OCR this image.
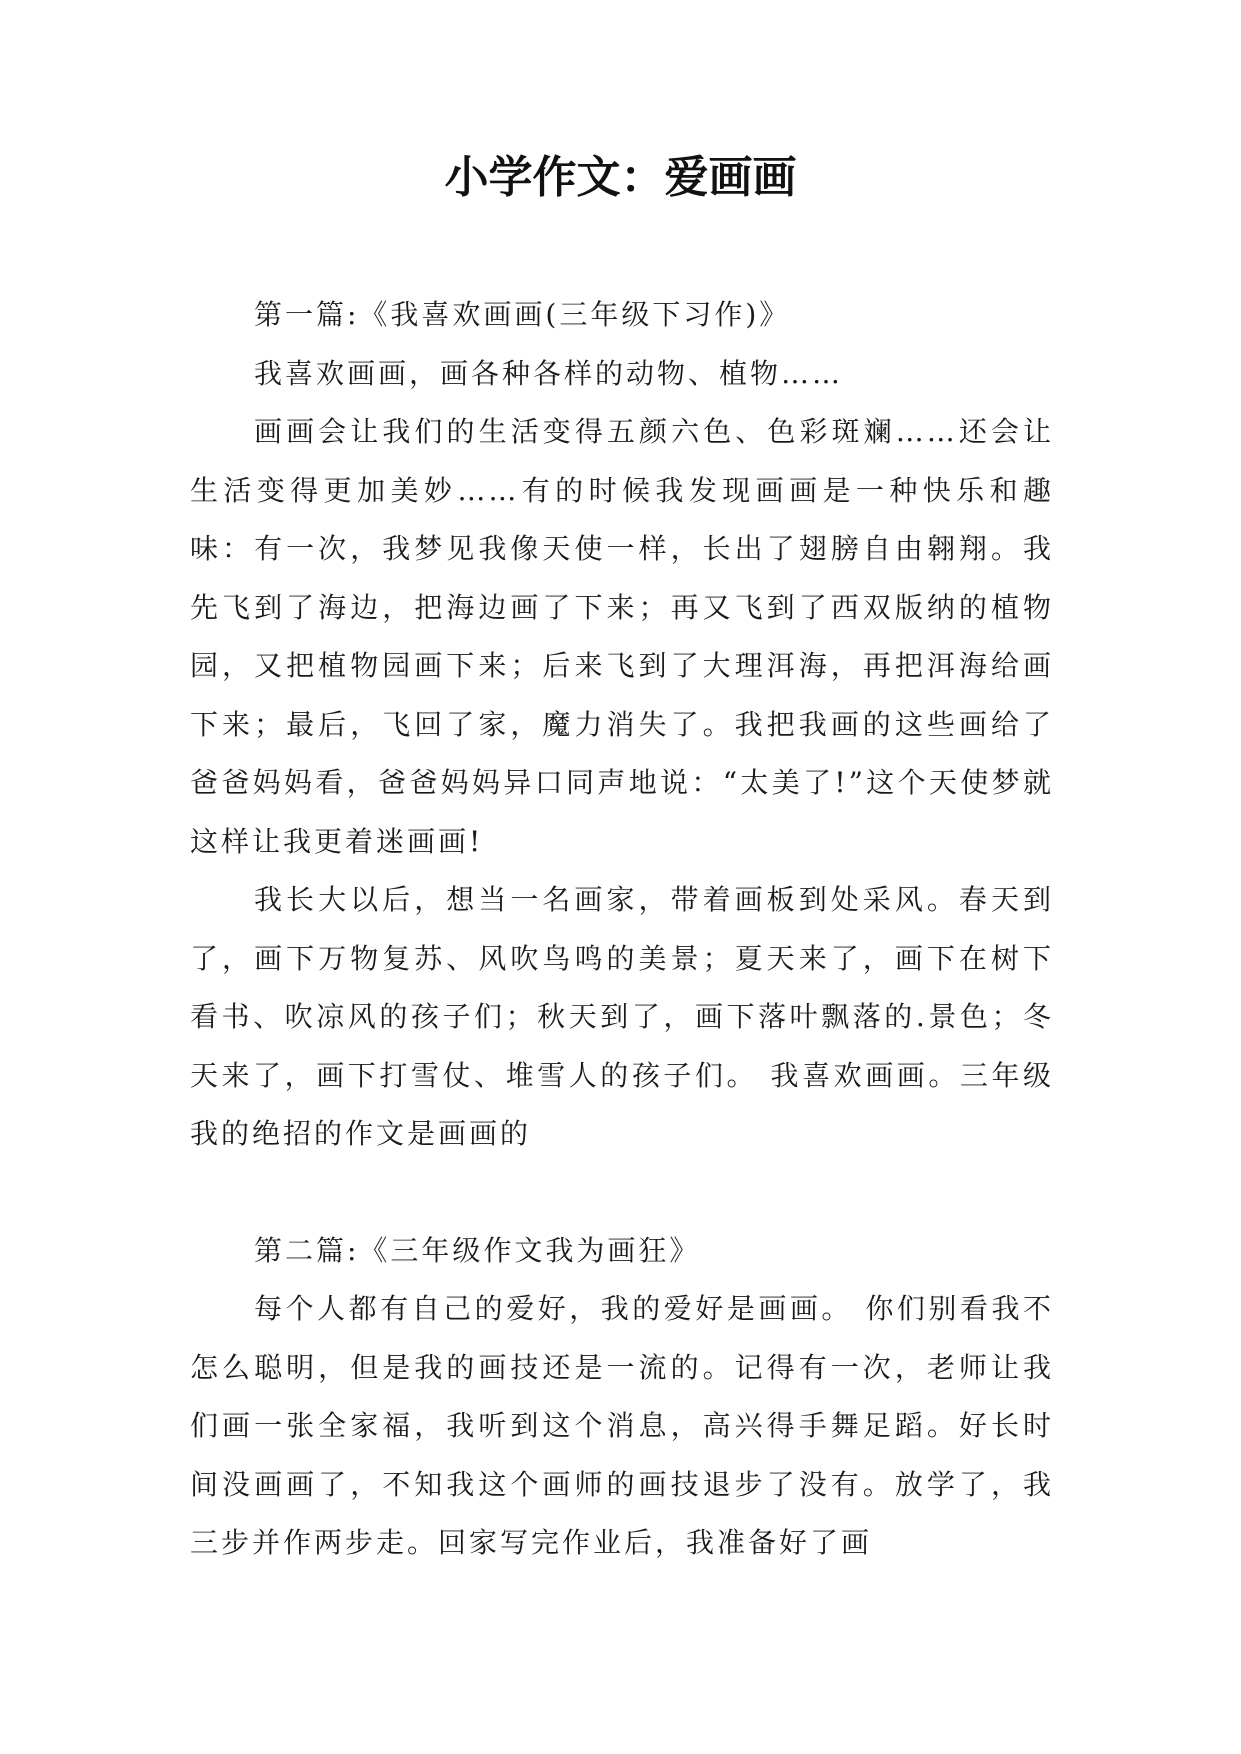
小学作文：爱画画

第一篇:《我喜欢画画(三年级下习作)》

我喜欢画画，画各种各样的动物、植物……

画画会让我们的生活变得五颜六色、色彩斑斓……还会让生活变得更加美妙……有的时候我发现画画是一种快乐和趣味：有一次，我梦见我像天使一样，长出了翅膀自由翱翔。我先飞到了海边，把海边画了下来；再又飞到了西双版纳的植物园，又把植物园画下来；后来飞到了大理洱海，再把洱海给画下来；最后，飞回了家，魔力消失了。我把我画的这些画给了爸爸妈妈看，爸爸妈妈异口同声地说：“太美了!”这个天使梦就这样让我更着迷画画!

我长大以后，想当一名画家，带着画板到处采风。春天到了，画下万物复苏、风吹鸟鸣的美景；夏天来了，画下在树下看书、吹凉风的孩子们；秋天到了，画下落叶飘落的.景色；冬天来了，画下打雪仗、堆雪人的孩子们。 我喜欢画画。三年级我的绝招的作文是画画的

第二篇:《三年级作文我为画狂》

每个人都有自己的爱好，我的爱好是画画。 你们别看我不怎么聪明，但是我的画技还是一流的。记得有一次，老师让我们画一张全家福，我听到这个消息，高兴得手舞足蹈。好长时间没画画了，不知我这个画师的画技退步了没有。放学了，我三步并作两步走。回家写完作业后，我准备好了画
